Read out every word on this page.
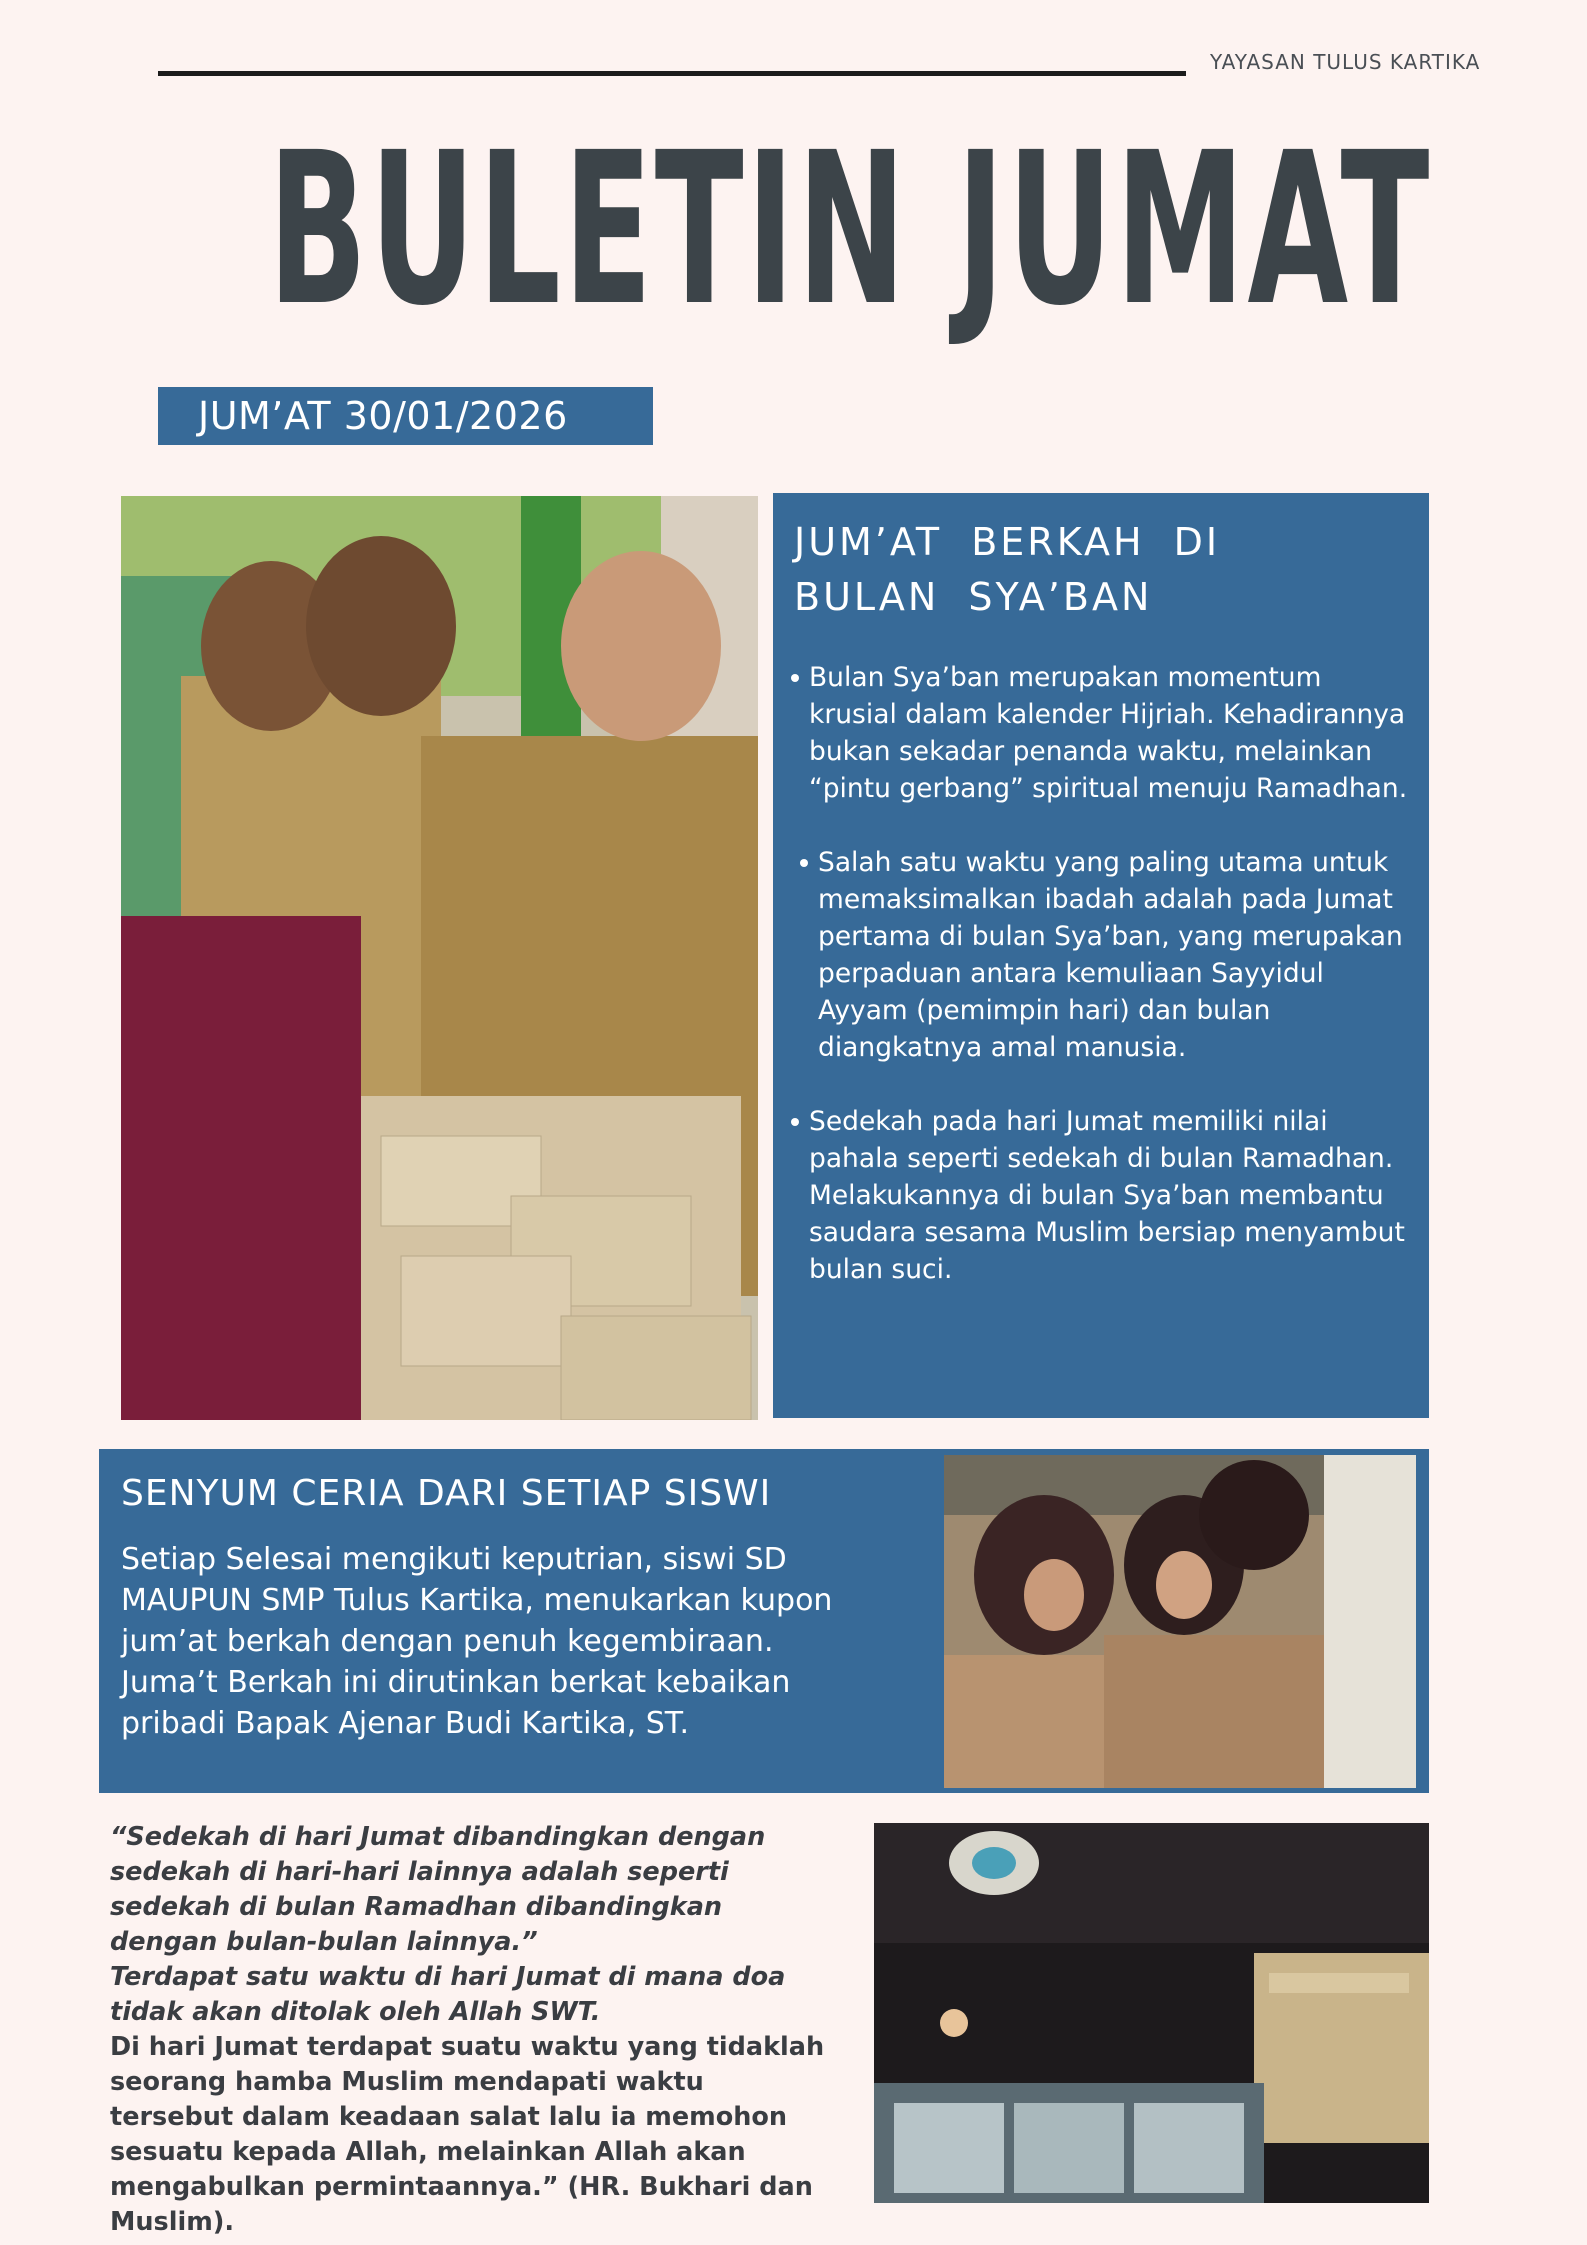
YAYASAN TULUS KARTIKA
BULETIN JUMAT
JUM’AT 30/01/2026
JUM’AT BERKAH DI BULAN SYA’BAN
Bulan Sya’ban merupakan momentum krusial dalam kalender Hijriah. Kehadirannya bukan sekadar penanda waktu, melainkan “pintu gerbang” spiritual menuju Ramadhan.
Salah satu waktu yang paling utama untuk memaksimalkan ibadah adalah pada Jumat pertama di bulan Sya’ban, yang merupakan perpaduan antara kemuliaan Sayyidul Ayyam (pemimpin hari) dan bulan diangkatnya amal manusia.
Sedekah pada hari Jumat memiliki nilai pahala seperti sedekah di bulan Ramadhan. Melakukannya di bulan Sya’ban membantu saudara sesama Muslim bersiap menyambut bulan suci.
SENYUM CERIA DARI SETIAP SISWI
Setiap Selesai mengikuti keputrian, siswi SD MAUPUN SMP Tulus Kartika, menukarkan kupon jum’at berkah dengan penuh kegembiraan. Juma’t Berkah ini dirutinkan berkat kebaikan pribadi Bapak Ajenar Budi Kartika, ST.

“Sedekah di hari Jumat dibandingkan dengan sedekah di hari-hari lainnya adalah seperti sedekah di bulan Ramadhan dibandingkan dengan bulan-bulan lainnya.”

Terdapat satu waktu di hari Jumat di mana doa tidak akan ditolak oleh Allah SWT.

Di hari Jumat terdapat suatu waktu yang tidaklah seorang hamba Muslim mendapati waktu tersebut dalam keadaan salat lalu ia memohon sesuatu kepada Allah, melainkan Allah akan mengabulkan permintaannya.” (HR. Bukhari dan Muslim).
